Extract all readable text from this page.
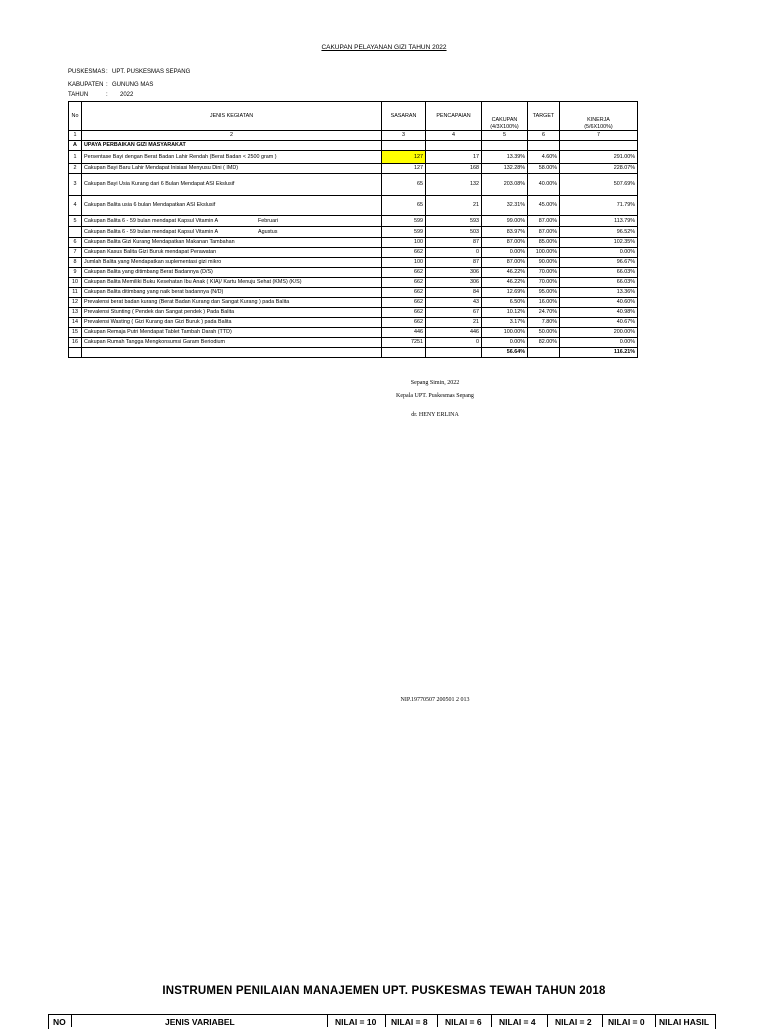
CAKUPAN PELAYANAN GIZI TAHUN 2022
PUSKESMAS: UPT. PUSKESMAS SEPANG
KABUPATEN : GUNUNG MAS
TAHUN	: 2022
No	JENIS KEGIATAN	SASARAN	PENCAPAIAN	CAKUPAN	TARGET	KINERJA
				(4/3X100%)		(5/6X100%)
1	2	3	4	5	6	7
A	UPAYA PERBAIKAN GIZI MASYARAKAT					
1	Persentase Bayi dengan Berat Badan Lahir Rendah (Berat Badan < 2500 gram )	127	17	13.39%	4.60%	291.00%
2	Cakupan Bayi Baru Lahir Mendapat Inisiasi Menyusu Dini ( IMD)	127	168	132.28%	58.00%	228.07%
3	Cakupan Bayi Usia Kurang dari 6 Bulan Mendapat ASI Ekslusif	65	132	203.08%	40.00%	507.69%
4	Cakupan Balita usia 6 bulan Mendapatkan ASI Ekslusif	65	21	32.31%	45.00%	71.79%
5	Cakupan Balita 6 - 59 bulan mendapat Kapsul Vitamin A Februari	599	593	99.00%	87.00%	113.79%
	Cakupan Balita 6 - 59 bulan mendapat Kapsul Vitamin A Agustus	599	503	83.97%	87.00%	96.52%
6	Cakupan Balita Gizi Kurang Mendapatkan Makanan Tambahan	100	87	87.00%	85.00%	102.35%
7	Cakupan Kasus Balita Gizi Buruk mendapat Perawatan	662	0	0.00%	100.00%	0.00%
8	Jumlah Balita yang Mendapatkan suplementasi gizi mikro	100	87	87.00%	90.00%	96.67%
9	Cakupan Balita yang ditimbang Berat Badannya (D/S)	662	306	46.22%	70.00%	66.03%
10	Cakupan Balita Memiliki Buku Kesehatan Ibu Anak ( KIA)/ Kartu Menuju Sehat (KMS) (K/S)	662	306	46.22%	70.00%	66.03%
11	Cakupan Balita ditimbang yang naik berat badannya (N/D)	662	84	12.69%	95.00%	13.36%
12	Prevalensi berat badan kurang (Berat Badan Kurang dan Sangat Kurang ) pada Balita	662	43	6.50%	16.00%	40.60%
13	Prevalensi Stunting ( Pendek dan Sangat pendek ) Pada Balita	662	67	10.12%	24.70%	40.98%
14	Prevalensi Wasting ( Gizi Kurang dan Gizi Buruk ) pada Balita	662	21	3.17%	7.80%	40.67%
15	Cakupan Remaja Putri Mendapat Tablet Tambah Darah (TTD)	446	446	100.00%	50.00%	200.00%
16	Cakupan Rumah Tangga Mengkonsumsi Garam Beriodium	7251	0	0.00%	82.00%	0.00%
				56.64%		116.21%
Sepang Simin, 2022
Kepala UPT. Puskesmas Sepang
dr. HENY ERLINA
NIP.19770507 200501 2 013
INSTRUMEN PENILAIAN MANAJEMEN UPT. PUSKESMAS TEWAH TAHUN 2018
NO	JENIS VARIABEL	NILAI = 10 NILAI = 8 NILAI = 6 NILAI = 4 NILAI = 2 NILAI = 0 NILAI HASIL
